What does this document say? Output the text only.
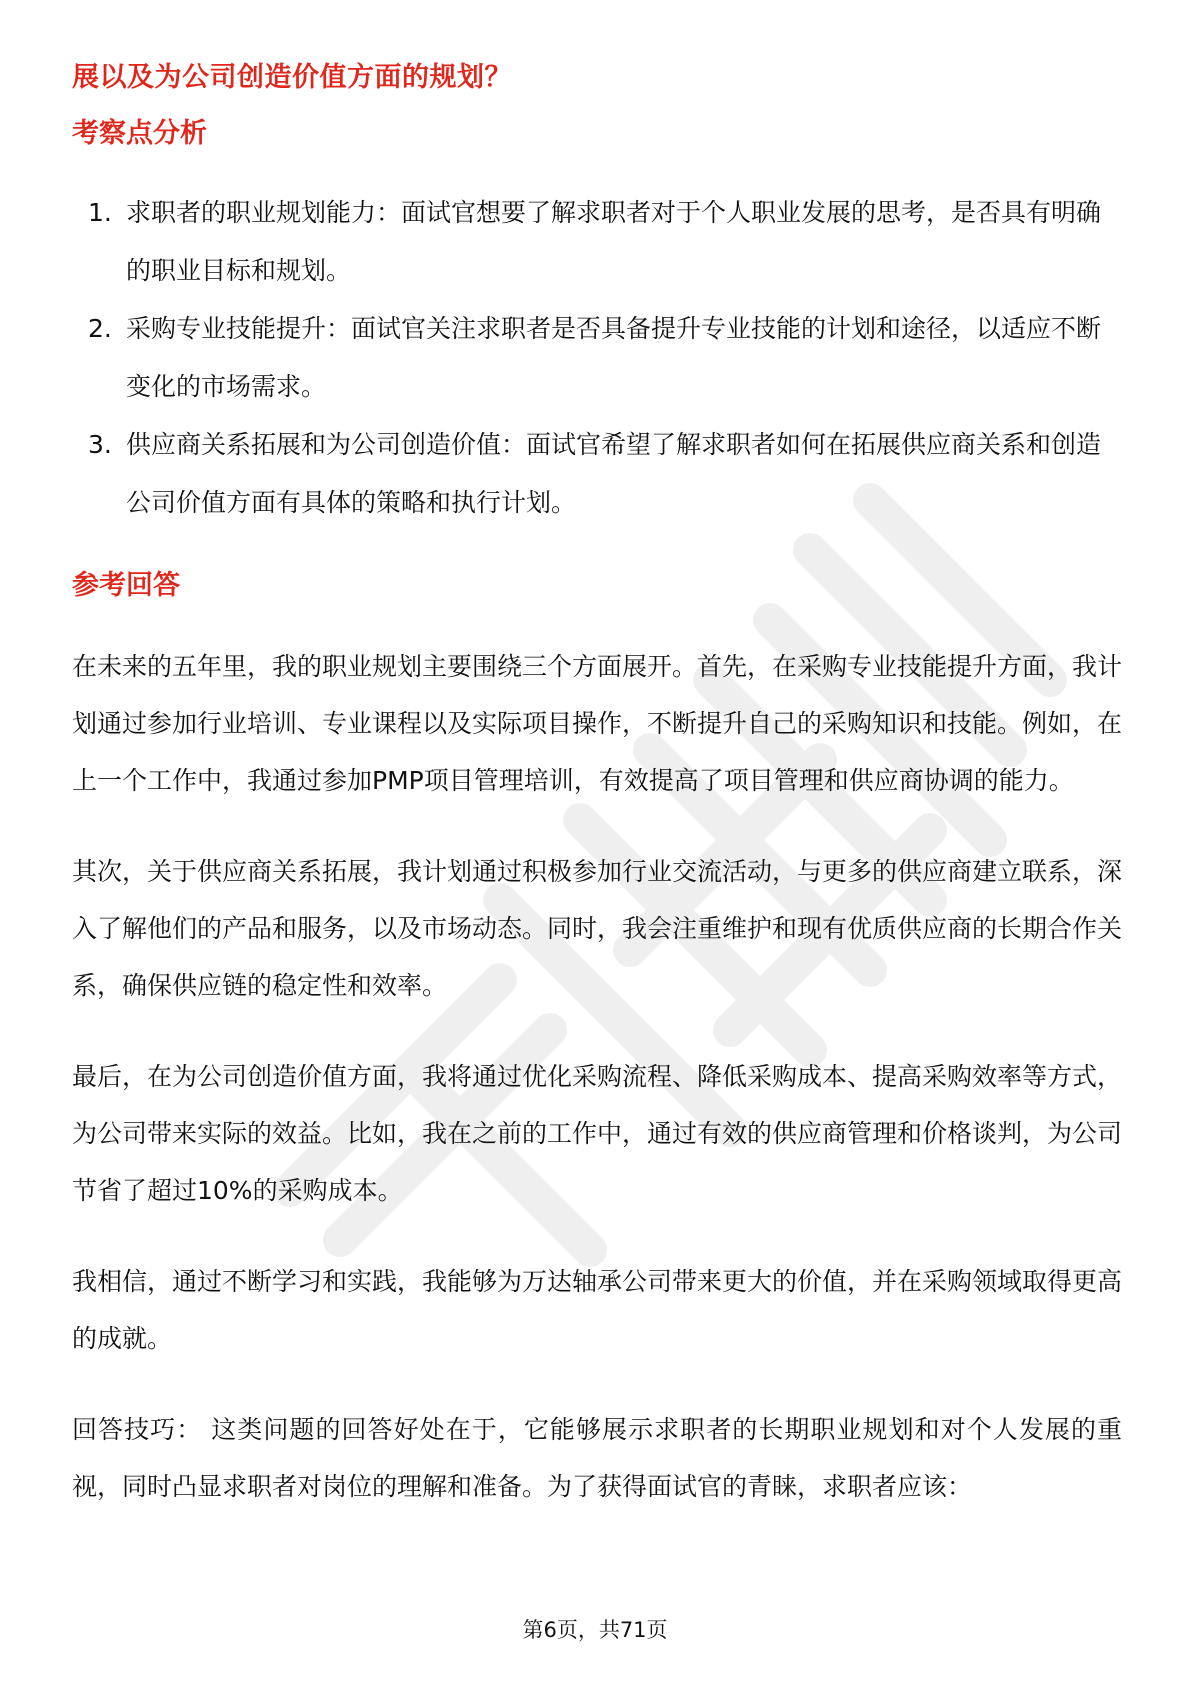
展以及为公司创造价值方面的规划？

考察点分析

1. 求职者的职业规划能力：面试官想要了解求职者对于个人职业发展的思考，是否具有明确的职业目标和规划。
2. 采购专业技能提升：面试官关注求职者是否具备提升专业技能的计划和途径，以适应不断变化的市场需求。
3. 供应商关系拓展和为公司创造价值：面试官希望了解求职者如何在拓展供应商关系和创造公司价值方面有具体的策略和执行计划。

参考回答

在未来的五年里，我的职业规划主要围绕三个方面展开。首先，在采购专业技能提升方面，我计划通过参加行业培训、专业课程以及实际项目操作，不断提升自己的采购知识和技能。例如，在上一个工作中，我通过参加PMP项目管理培训，有效提高了项目管理和供应商协调的能力。

其次，关于供应商关系拓展，我计划通过积极参加行业交流活动，与更多的供应商建立联系，深入了解他们的产品和服务，以及市场动态。同时，我会注重维护和现有优质供应商的长期合作关系，确保供应链的稳定性和效率。

最后，在为公司创造价值方面，我将通过优化采购流程、降低采购成本、提高采购效率等方式，为公司带来实际的效益。比如，我在之前的工作中，通过有效的供应商管理和价格谈判，为公司节省了超过10%的采购成本。

我相信，通过不断学习和实践，我能够为万达轴承公司带来更大的价值，并在采购领域取得更高的成就。

回答技巧： 这类问题的回答好处在于，它能够展示求职者的长期职业规划和对个人发展的重视，同时凸显求职者对岗位的理解和准备。为了获得面试官的青睐，求职者应该：

第6页，共71页
